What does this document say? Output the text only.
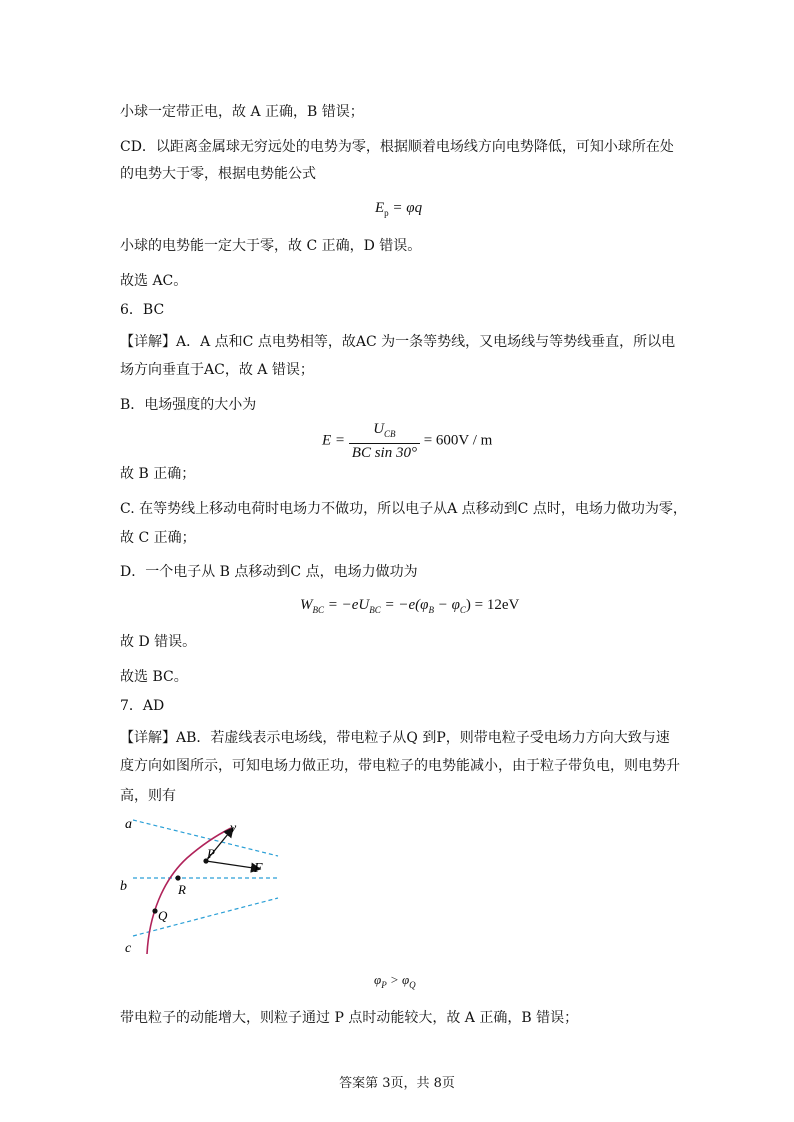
小球一定带正电，故 A 正确，B 错误；
CD．以距离金属球无穷远处的电势为零，根据顺着电场线方向电势降低，可知小球所在处
的电势大于零，根据电势能公式
$E_p = \varphi q$
小球的电势能一定大于零，故 C 正确，D 错误。
故选 AC。
6．BC
【详解】A．A 点和C 点电势相等，故AC 为一条等势线，又电场线与等势线垂直，所以电
场方向垂直于AC，故 A 错误；
B．电场强度的大小为
$E = \frac{U_{CB}}{\text{BC sin 30°}} = 600V / m$
故 B 正确；
C. 在等势线上移动电荷时电场力不做功，所以电子从A 点移动到C 点时，电场力做功为零，
故 C 正确；
D．一个电子从 B 点移动到C 点，电场力做功为
$W_{BC} = -eU_{BC} = -e(\varphi_B - \varphi_C) = 12eV$
故 D 错误。
故选 BC。
7．AD
【详解】AB．若虚线表示电场线，带电粒子从Q 到P，则带电粒子受电场力方向大致与速
度方向如图所示，可知电场力做正功，带电粒子的电势能减小，由于粒子带负电，则电势升
高，则有
a
b
c
v
P
F
R
Q
$\varphi_P > \varphi_Q$
带电粒子的动能增大，则粒子通过 P 点时动能较大，故 A 正确，B 错误；
答案第 3页，共 8页
